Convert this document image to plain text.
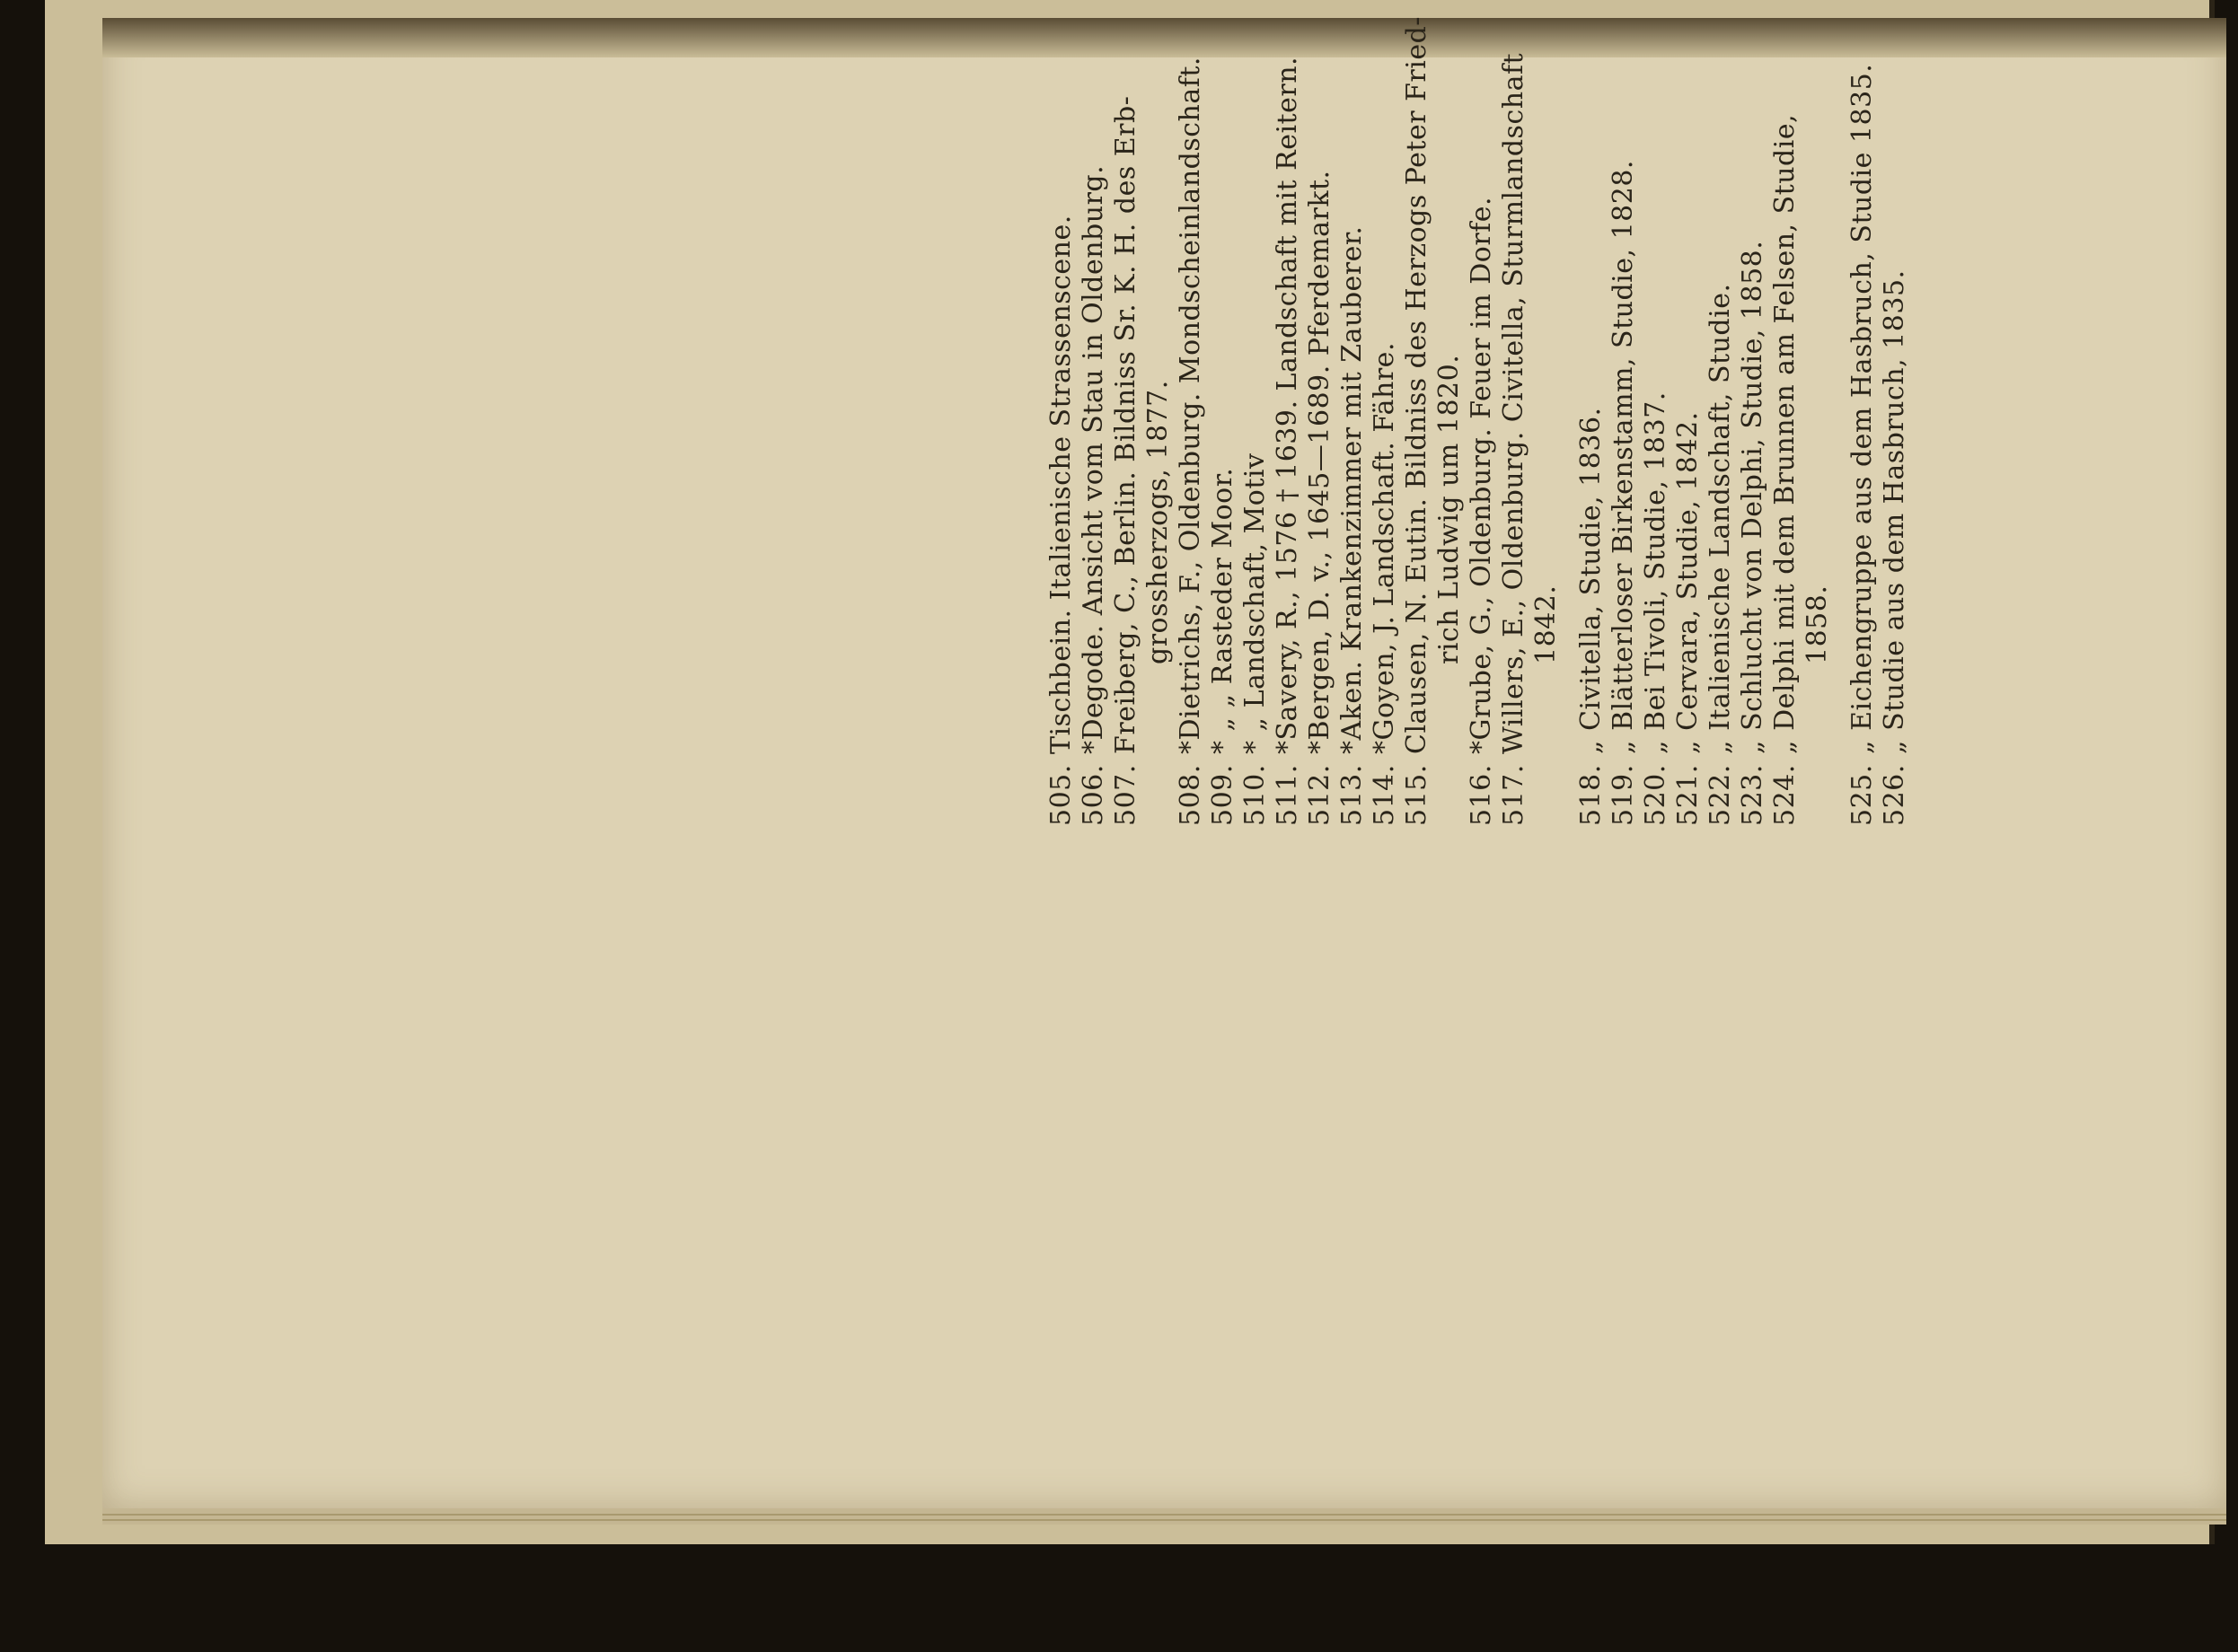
505.
Tischbein. Italienische Strassenscene.
506.
*Degode. Ansicht vom Stau in Oldenburg.
507.
Freiberg, C., Berlin. Bildniss Sr. K. H. des Erb- grossherzogs, 1877.
508.
*Dietrichs, F., Oldenburg. Mondscheinlandschaft.
509.
* „ „ Rasteder Moor.
510.
* „ Landschaft, Motiv
511.
*Savery, R., 1576 † 1639. Landschaft mit Reitern.
512.
*Bergen, D. v., 1645—1689. Pferdemarkt.
513.
*Aken. Krankenzimmer mit Zauberer.
514.
*Goyen, J. Landschaft. Fähre.
515.
Clausen, N. Eutin. Bildniss des Herzogs Peter Fried- rich Ludwig um 1820.
516.
*Grube, G., Oldenburg. Feuer im Dorfe.
517.
Willers, E., Oldenburg. Civitella, Sturmlandschaft 1842.
518.
„ Civitella, Studie, 1836.
519.
„ Blätterloser Birkenstamm, Studie, 1828.
520.
„ Bei Tivoli, Studie, 1837.
521.
„ Cervara, Studie, 1842.
522.
„ Italienische Landschaft, Studie.
523.
„ Schlucht von Delphi, Studie, 1858.
524.
„ Delphi mit dem Brunnen am Felsen, Studie, 1858.
525.
„ Eichengruppe aus dem Hasbruch, Studie 1835.
526.
„ Studie aus dem Hasbruch, 1835.
